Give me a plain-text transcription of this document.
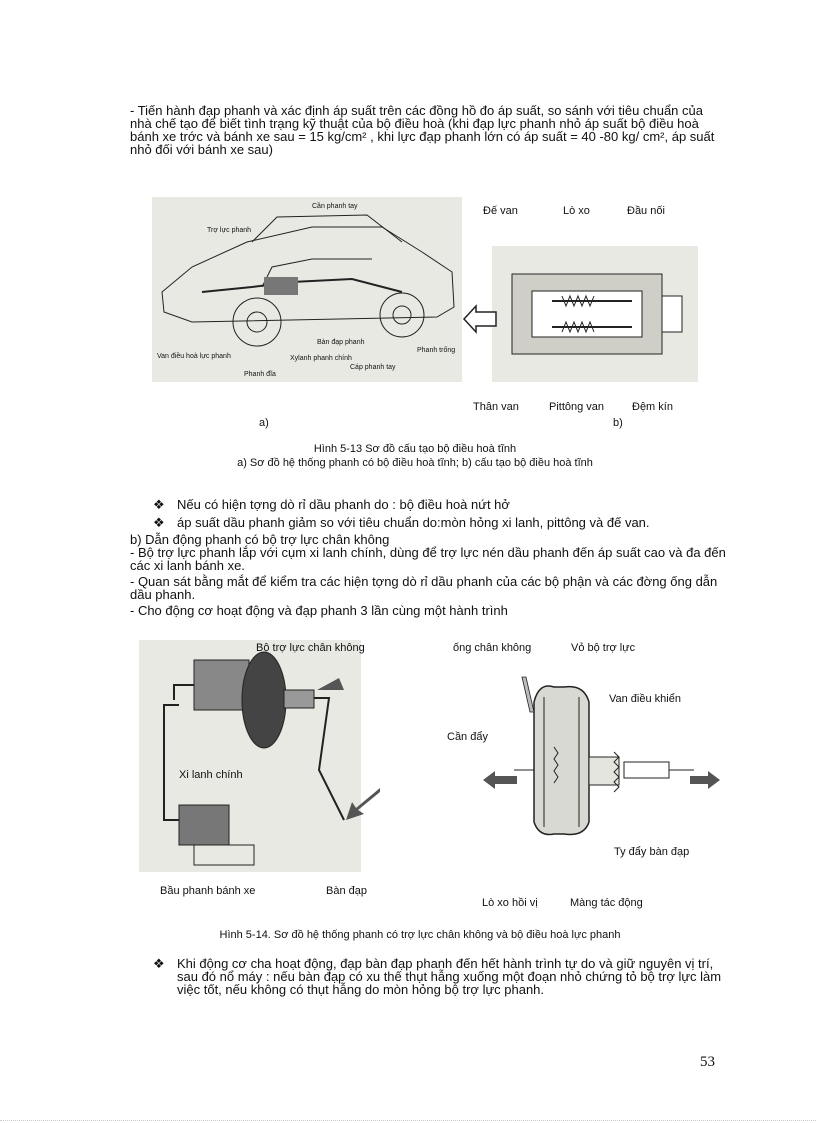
- Tiến hành đạp phanh và xác định áp suất trên các đồng hồ đo áp suất, so sánh với tiêu chuẩn của nhà chế tạo để biết tình trạng kỹ thuật của bộ điều hoà (khi đạp lực phanh nhỏ áp suất bộ điều hoà bánh xe trớc và bánh xe sau = 15 kg/cm² , khi lực đạp phanh lớn có áp suất = 40 -80 kg/ cm², áp suất nhỏ đối với bánh xe sau)

Cần phanh tay
Trợ lực phanh
Van điều hoà lực phanh
Bàn đạp phanh
Xylanh phanh chính
Phanh trống
Phanh đĩa
Cáp phanh tay
Đế van	Lò xo	Đầu nối
Thân van	Pittông van	Đệm kín
a)	b)
Hình 5-13 Sơ đồ cấu tạo bộ điều hoà tĩnh
a) Sơ đồ hệ thống phanh có bộ điều hoà tĩnh; b) cấu tạo bộ điều hoà tĩnh
❖ Nếu có hiện tợng dò rỉ dầu phanh do : bộ điều hoà nứt hở
❖ áp suất dầu phanh giảm so với tiêu chuẩn do:mòn hỏng xi lanh, pittông và đế van.

b) Dẫn động phanh có bộ trợ lực chân không

- Bộ trợ lực phanh lắp với cụm xi lanh chính, dùng để trợ lực nén dầu phanh đến áp suất cao và đa đến các xi lanh bánh xe.

- Quan sát bằng mắt để kiểm tra các hiện tợng dò rỉ dầu phanh của các bộ phận và các đờng ống dẫn dầu phanh.

- Cho động cơ hoạt động và đạp phanh 3 lần cùng một hành trình

Bộ trợ lực chân không
Xi lanh chính
Bầu phanh bánh xe	Bàn đạp
ống chân không	Vỏ bộ trợ lực
Van điều khiển
Cần đẩy
Ty đẩy bàn đạp
Lò xo hồi vị	Màng tác động
Hình 5-14. Sơ đồ hệ thống phanh có trợ lực chân không và bộ điều hoà lực phanh
❖ Khi động cơ cha hoạt động, đạp bàn đạp phanh đến hết hành trình tự do và giữ nguyên vị trí, sau đó nổ máy : nếu bàn đạp có xu thế thụt hẫng xuống một đoạn nhỏ chứng tỏ bộ trợ lực làm việc tốt, nếu không có thụt hẫng do mòn hỏng bộ trợ lực phanh.
53
